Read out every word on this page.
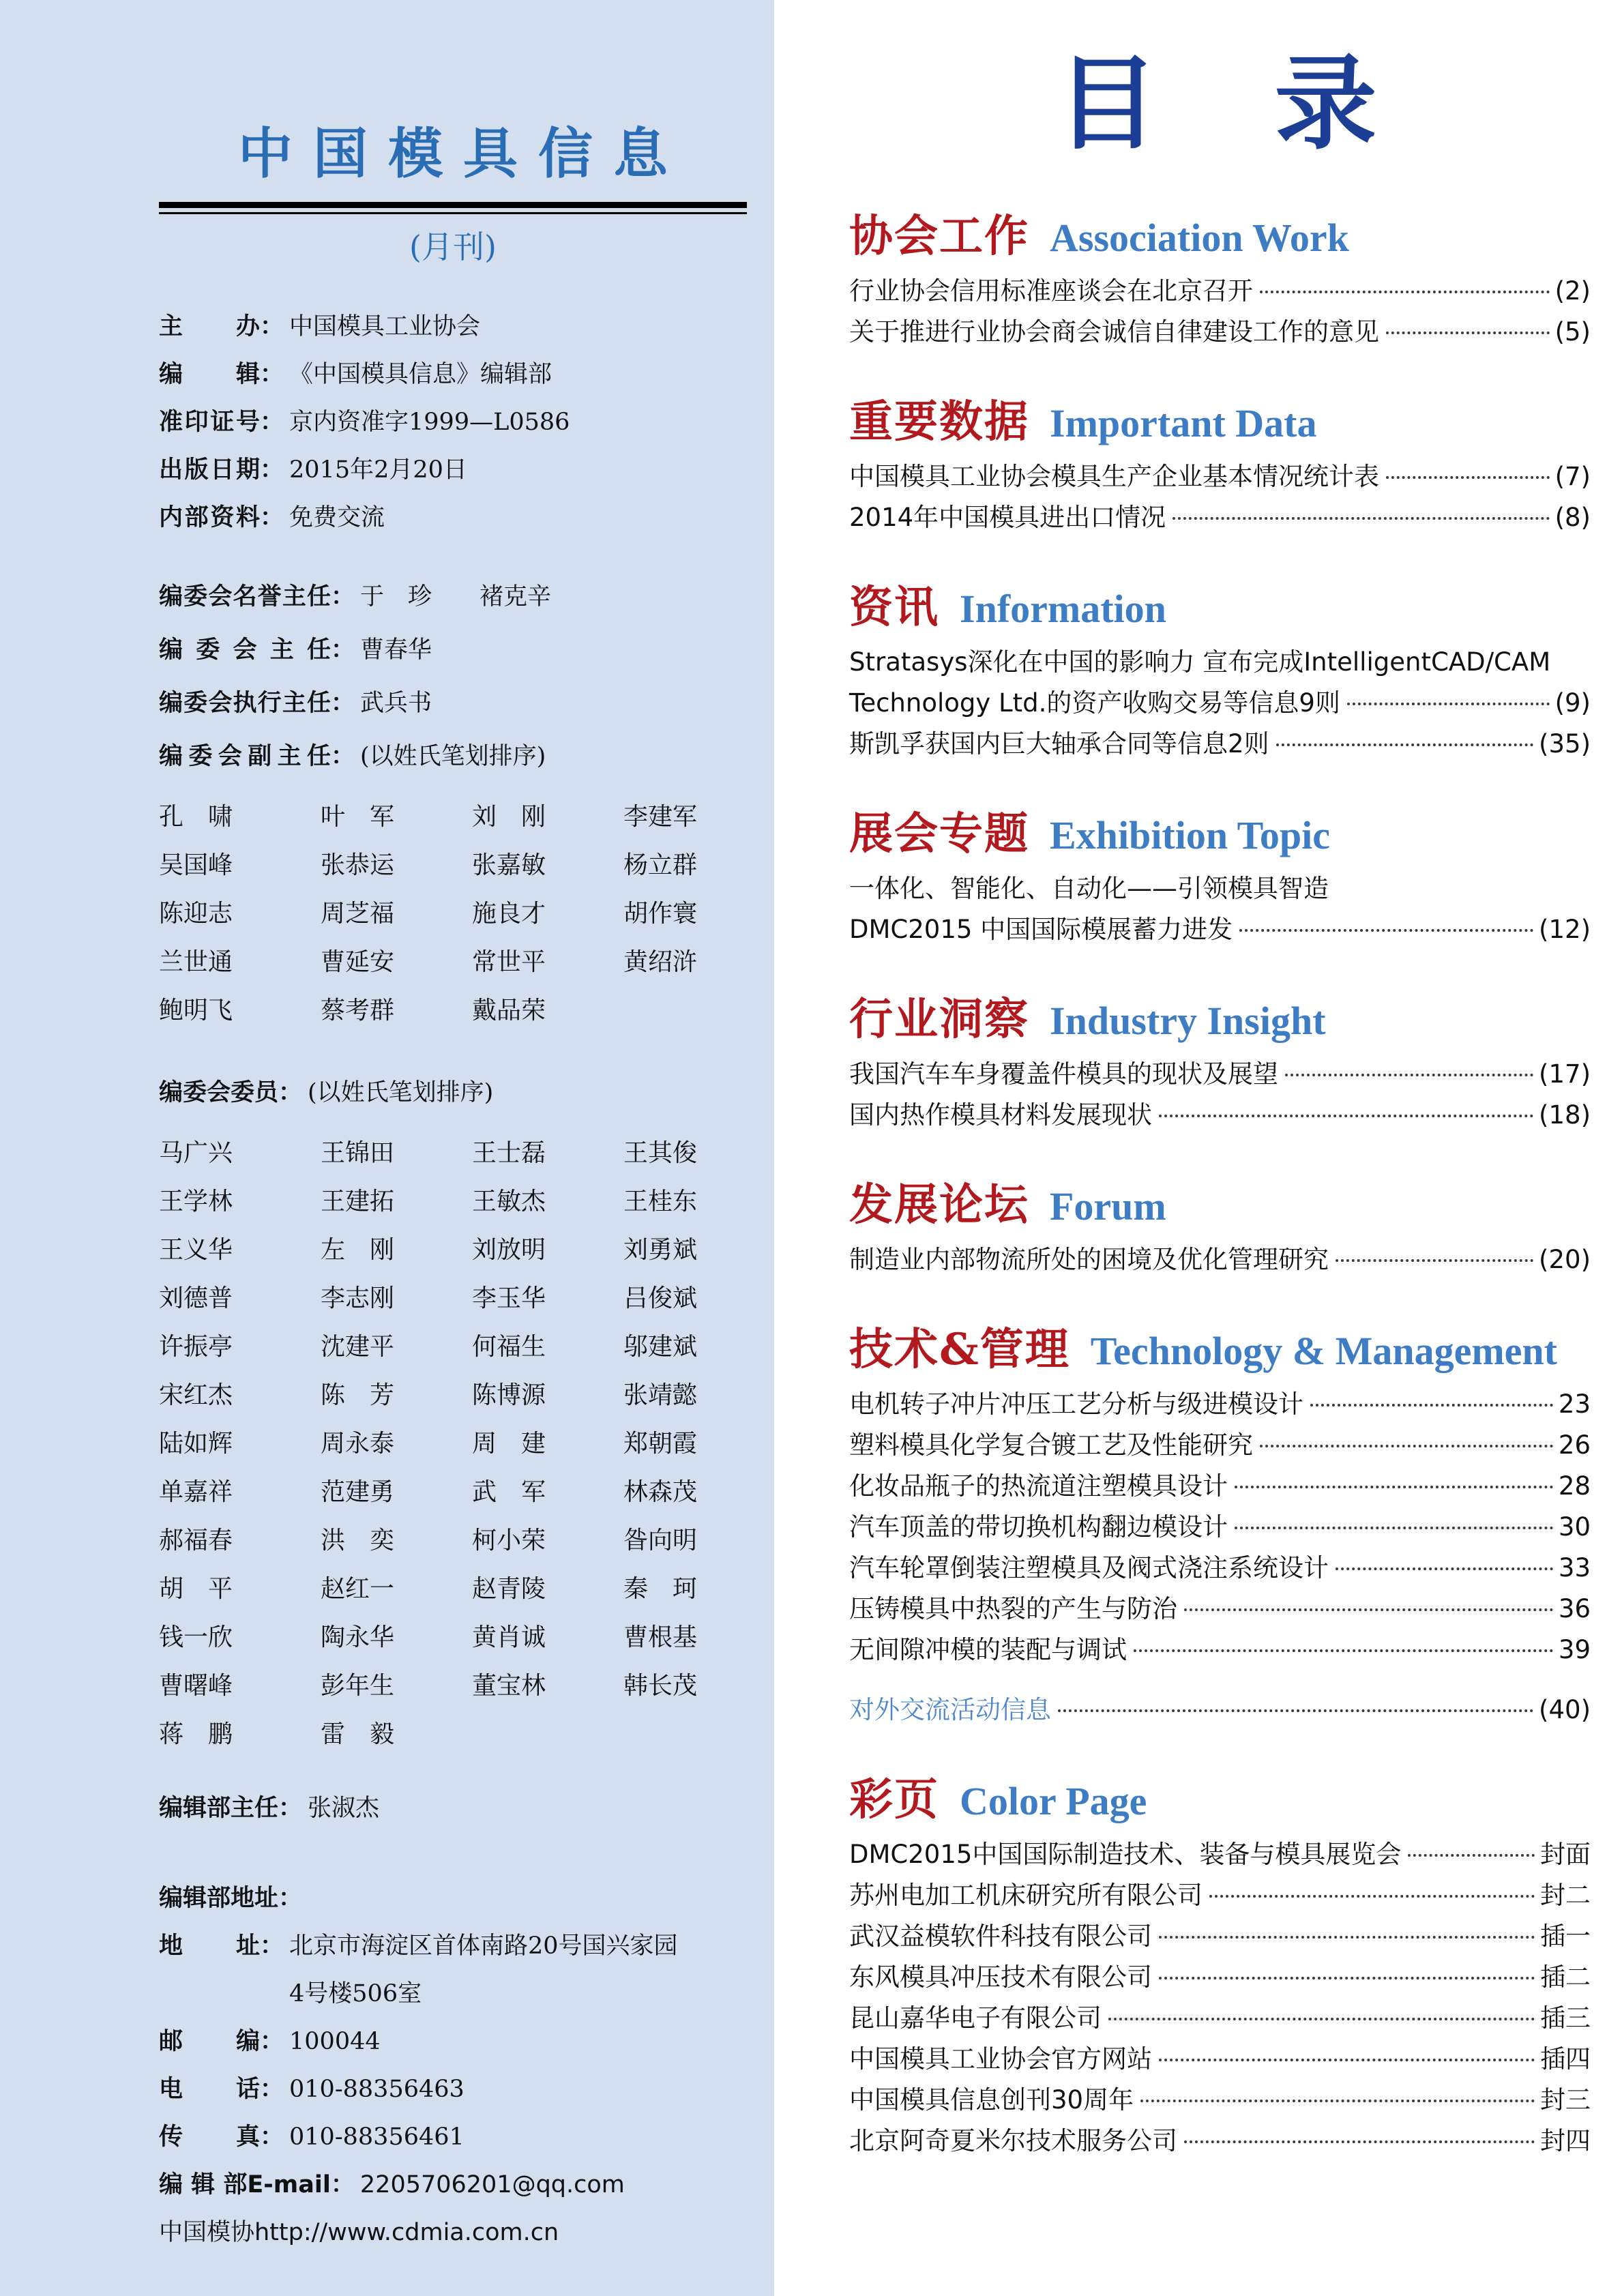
中国模具信息
(月刊)
主办 ： 中国模具工业协会
编辑 ： 《中国模具信息》编辑部
准印证号 ： 京内资准字1999—L0586
出版日期 ： 2015年2月20日
内部资料 ： 免费交流
编委会名誉主任 ： 于　珍　　褚克辛
编委会主任 ： 曹春华
编委会执行主任 ： 武兵书
编委会副主任 ： (以姓氏笔划排序)
孔　啸	叶　军	刘　刚	李建军
吴国峰	张恭运	张嘉敏	杨立群
陈迎志	周芝福	施良才	胡作寰
兰世通	曹延安	常世平	黄绍浒
鲍明飞	蔡考群	戴品荣
编委会委员： (以姓氏笔划排序)
马广兴	王锦田	王士磊	王其俊
王学林	王建拓	王敏杰	王桂东
王义华	左　刚	刘放明	刘勇斌
刘德普	李志刚	李玉华	吕俊斌
许振亭	沈建平	何福生	邬建斌
宋红杰	陈　芳	陈博源	张靖懿
陆如辉	周永泰	周　建	郑朝霞
单嘉祥	范建勇	武　军	林森茂
郝福春	洪　奕	柯小荣	昝向明
胡　平	赵红一	赵青陵	秦　珂
钱一欣	陶永华	黄肖诚	曹根基
曹曙峰	彭年生	董宝林	韩长茂
蒋　鹏	雷　毅
编辑部主任： 张淑杰
编辑部地址：
地址 ： 北京市海淀区首体南路20号国兴家园
4号楼506室
邮编 ： 100044
电话 ： 010-88356463
传真 ： 010-88356461
编 辑 部E-mail： 2205706201@qq.com
中国模协http://www.cdmia.com.cn
目　录
协会工作 Association Work
行业协会信用标准座谈会在北京召开	(2)
关于推进行业协会商会诚信自律建设工作的意见	(5)
重要数据 Important Data
中国模具工业协会模具生产企业基本情况统计表	(7)
2014年中国模具进出口情况	(8)
资讯 Information
Stratasys深化在中国的影响力 宣布完成IntelligentCAD/CAM
Technology Ltd.的资产收购交易等信息9则	(9)
斯凯孚获国内巨大轴承合同等信息2则	(35)
展会专题 Exhibition Topic
一体化、智能化、自动化——引领模具智造
DMC2015 中国国际模展蓄力进发	(12)
行业洞察 Industry Insight
我国汽车车身覆盖件模具的现状及展望	(17)
国内热作模具材料发展现状	(18)
发展论坛 Forum
制造业内部物流所处的困境及优化管理研究	(20)
技术&管理 Technology & Management
电机转子冲片冲压工艺分析与级进模设计	23
塑料模具化学复合镀工艺及性能研究	26
化妆品瓶子的热流道注塑模具设计	28
汽车顶盖的带切换机构翻边模设计	30
汽车轮罩倒装注塑模具及阀式浇注系统设计	33
压铸模具中热裂的产生与防治	36
无间隙冲模的装配与调试	39
对外交流活动信息	(40)
彩页 Color Page
DMC2015中国国际制造技术、装备与模具展览会	封面
苏州电加工机床研究所有限公司	封二
武汉益模软件科技有限公司	插一
东风模具冲压技术有限公司	插二
昆山嘉华电子有限公司	插三
中国模具工业协会官方网站	插四
中国模具信息创刊30周年	封三
北京阿奇夏米尔技术服务公司	封四
